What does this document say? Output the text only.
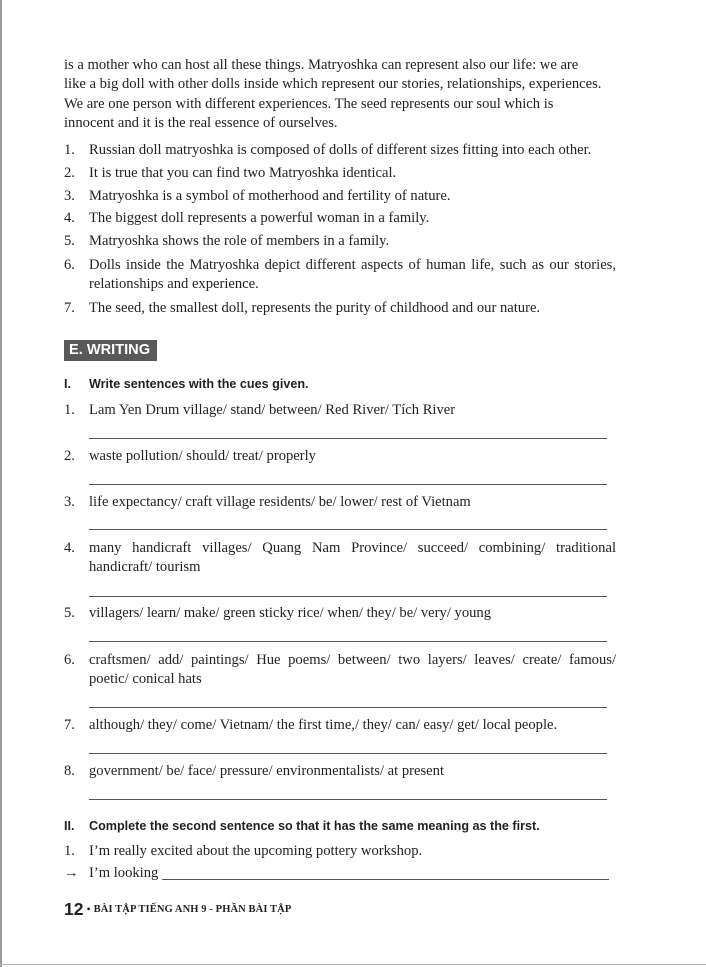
is a mother who can host all these things. Matryoshka can represent also our life: we are

like a big doll with other dolls inside which represent our stories, relationships, experiences.

We are one person with different experiences. The seed represents our soul which is

innocent and it is the real essence of ourselves.

1. Russian doll matryoshka is composed of dolls of different sizes fitting into each other.
2. It is true that you can find two Matryoshka identical.
3. Matryoshka is a symbol of motherhood and fertility of nature.
4. The biggest doll represents a powerful woman in a family.
5. Matryoshka shows the role of members in a family.
6. Dolls inside the Matryoshka depict different aspects of human life, such as our stories, relationships and experience.
7. The seed, the smallest doll, represents the purity of childhood and our nature.
E. WRITING
I.	Write sentences with the cues given.
1. Lam Yen Drum village/ stand/ between/ Red River/ Tích River
2. waste pollution/ should/ treat/ properly
3. life expectancy/ craft village residents/ be/ lower/ rest of Vietnam
4. many handicraft villages/ Quang Nam Province/ succeed/ combining/ traditional handicraft/ tourism
5. villagers/ learn/ make/ green sticky rice/ when/ they/ be/ very/ young
6. craftsmen/ add/ paintings/ Hue poems/ between/ two layers/ leaves/ create/ famous/ poetic/ conical hats
7. although/ they/ come/ Vietnam/ the first time,/ they/ can/ easy/ get/ local people.
8. government/ be/ face/ pressure/ environmentalists/ at present
II.	Complete the second sentence so that it has the same meaning as the first.
1. I’m really excited about the upcoming pottery workshop.
→ I’m looking
12 • BÀI TẬP TIẾNG ANH 9 - PHẦN BÀI TẬP
